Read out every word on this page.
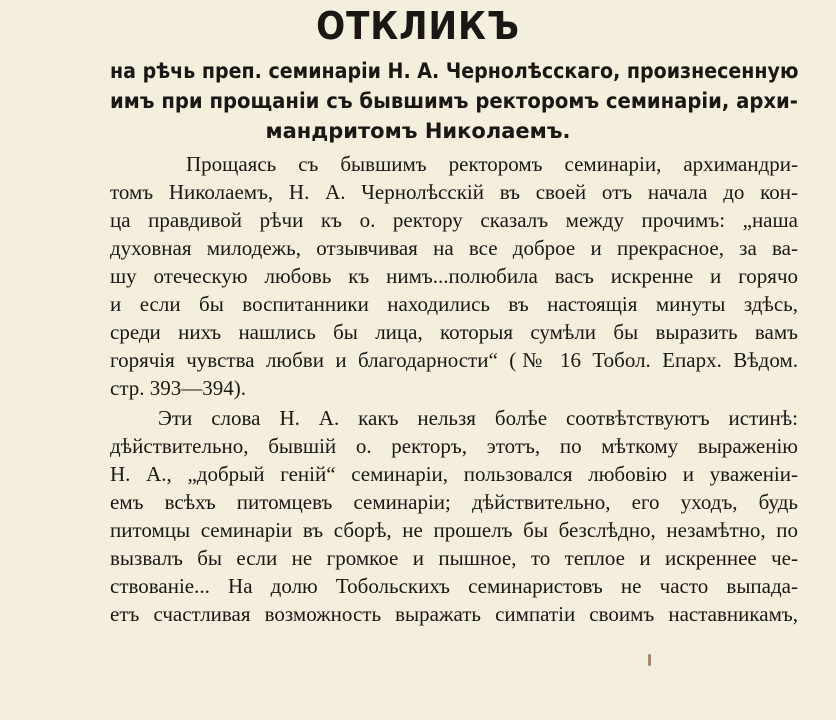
ОТКЛИКЪ
на рѣчь преп. семинаріи Н. А. Чернолѣсскаго, произнесенную
имъ при прощаніи съ бывшимъ ректоромъ семинаріи, архи-
мандритомъ Николаемъ.
Прощаясь съ бывшимъ ректоромъ семинаріи, архимандри-
томъ Николаемъ, Н. А. Чернолѣсскій въ своей отъ начала до кон-
ца правдивой рѣчи къ о. ректору сказалъ между прочимъ: „наша
духовная милодежь, отзывчивая на все доброе и прекрасное, за ва-
шу отеческую любовь къ нимъ...полюбила васъ искренне и горячо
и если бы воспитанники находились въ настоящія минуты здѣсь,
среди нихъ нашлись бы лица, которыя сумѣли бы выразить вамъ
горячія чувства любви и благодарности“ (№ 16 Тобол. Епарх. Вѣдом.
стр. 393—394).
Эти слова Н. А. какъ нельзя болѣе соотвѣтствуютъ истинѣ:
дѣйствительно, бывшій о. ректоръ, этотъ, по мѣткому выраженію
Н. А., „добрый геній“ семинаріи, пользовался любовію и уваженіи-
емъ всѣхъ питомцевъ семинаріи; дѣйствительно, его уходъ, будь
питомцы семинаріи въ сборѣ, не прошелъ бы безслѣдно, незамѣтно, по
вызвалъ бы если не громкое и пышное, то теплое и искреннее че-
ствованіе... На долю Тобольскихъ семинаристовъ не часто выпада-
етъ счастливая возможность выражать симпатіи своимъ наставникамъ,
